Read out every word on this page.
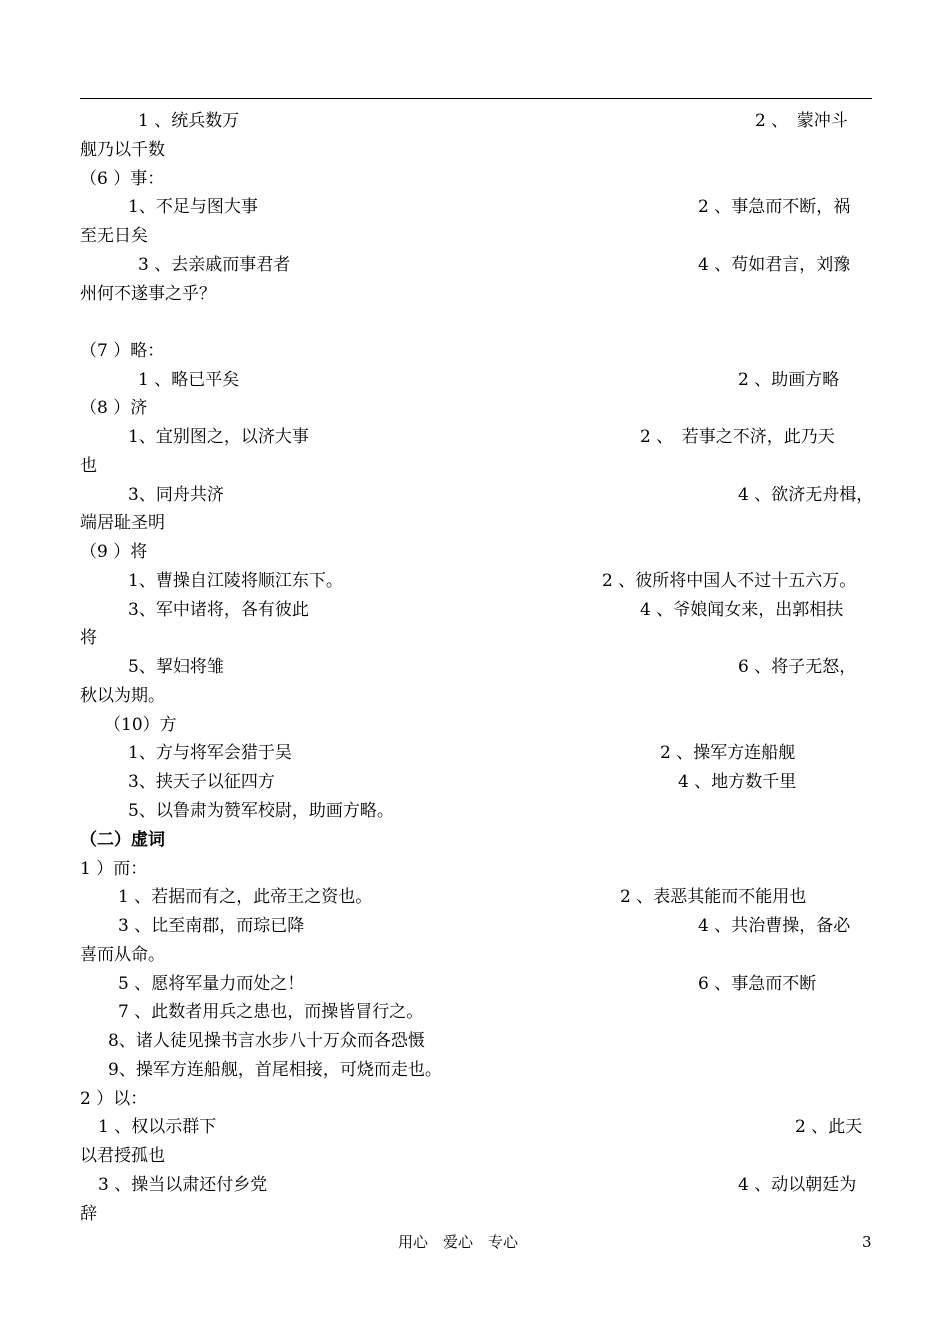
1 、统兵数万	2 、　蒙冲斗
舰乃以千数
（6 ）事：
1、不足与图大事	2 、事急而不断，祸
至无日矣
3 、去亲戚而事君者	4 、苟如君言，刘豫
州何不遂事之乎？
（7 ）略：
1 、略已平矣	2 、助画方略
（8 ）济
1、宜别图之，以济大事	2 、　若事之不济，此乃天
也
3、同舟共济	4 、欲济无舟楫，
端居耻圣明
（9 ）将
1、曹操自江陵将顺江东下。	2 、彼所将中国人不过十五六万。
3、军中诸将，各有彼此	4 、爷娘闻女来，出郭相扶
将
5、挈妇将雏	6 、将子无怒，
秋以为期。
（10）方
1、方与将军会猎于吴	2 、操军方连船舰
3、挟天子以征四方	4 、地方数千里
5、以鲁肃为赞军校尉，助画方略。
（二）虚词
1 ）而：
1 、若据而有之，此帝王之资也。	2 、表恶其能而不能用也
3 、比至南郡，而琮已降	4 、共治曹操，备必
喜而从命。
5 、愿将军量力而处之！	6 、事急而不断
7 、此数者用兵之患也，而操皆冒行之。
8、诸人徒见操书言水步八十万众而各恐慑
9、操军方连船舰，首尾相接，可烧而走也。
2 ）以：
1 、权以示群下	2 、此天
以君授孤也
3 、操当以肃还付乡党	4 、动以朝廷为
辞
用心　爱心　专心	3
